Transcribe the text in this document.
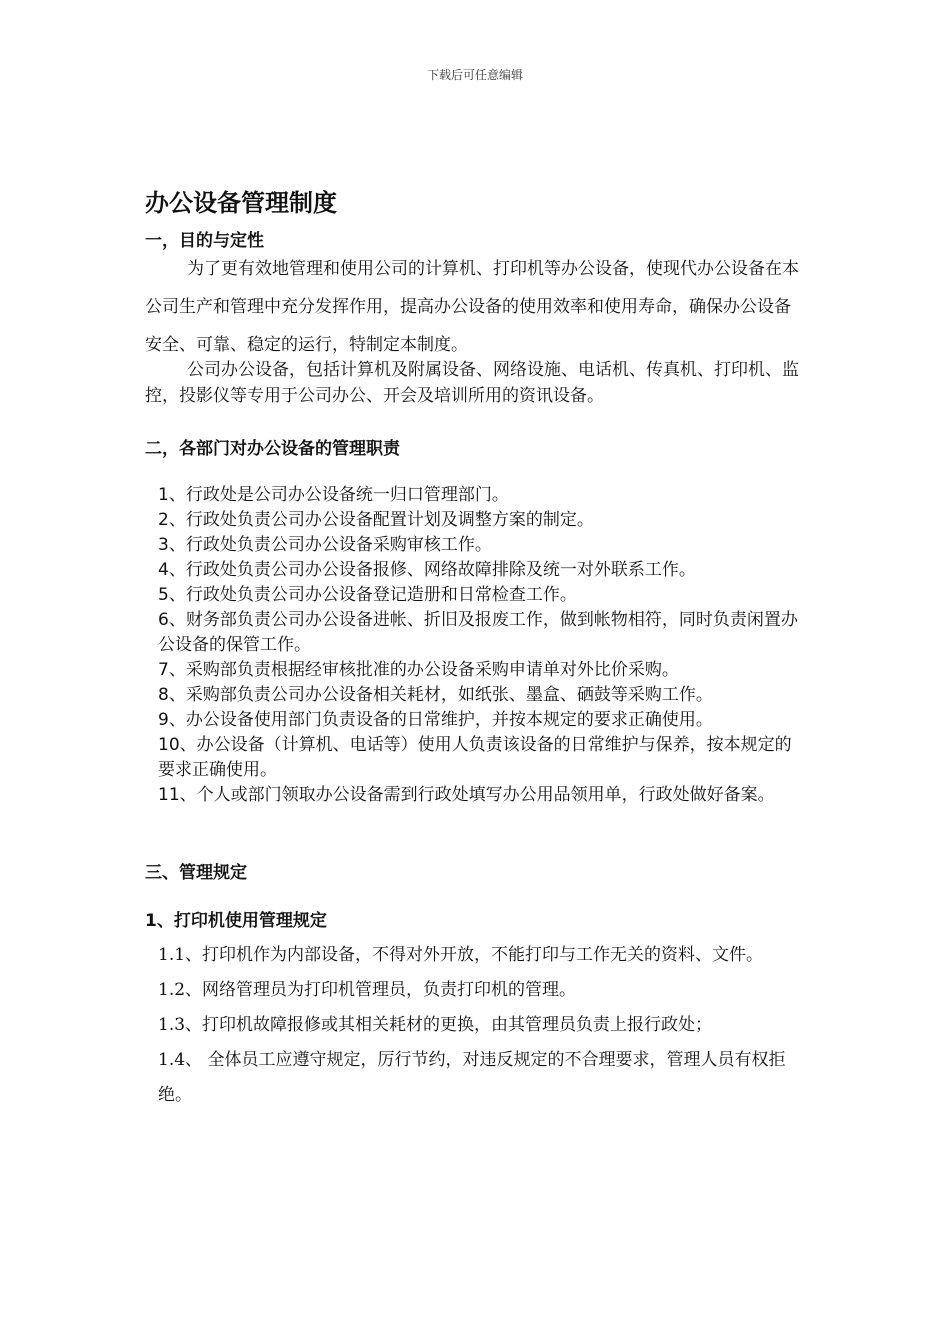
下载后可任意编辑
办公设备管理制度
一，目的与定性

为了更有效地管理和使用公司的计算机、打印机等办公设备，使现代办公设备在本公司生产和管理中充分发挥作用，提高办公设备的使用效率和使用寿命，确保办公设备安全、可靠、稳定的运行，特制定本制度。

公司办公设备，包括计算机及附属设备、网络设施、电话机、传真机、打印机、监控，投影仪等专用于公司办公、开会及培训所用的资讯设备。

二，各部门对办公设备的管理职责
1、行政处是公司办公设备统一归口管理部门。
2、行政处负责公司办公设备配置计划及调整方案的制定。
3、行政处负责公司办公设备采购审核工作。
4、行政处负责公司办公设备报修、网络故障排除及统一对外联系工作。
5、行政处负责公司办公设备登记造册和日常检查工作。
6、财务部负责公司办公设备进帐、折旧及报废工作，做到帐物相符，同时负责闲置办公设备的保管工作。
7、采购部负责根据经审核批准的办公设备采购申请单对外比价采购。
8、采购部负责公司办公设备相关耗材，如纸张、墨盒、硒鼓等采购工作。
9、办公设备使用部门负责设备的日常维护，并按本规定的要求正确使用。
10、办公设备（计算机、电话等）使用人负责该设备的日常维护与保养，按本规定的要求正确使用。
11、个人或部门领取办公设备需到行政处填写办公用品领用单，行政处做好备案。
三、管理规定
1、打印机使用管理规定
1.1、打印机作为内部设备，不得对外开放，不能打印与工作无关的资料、文件。
1.2、网络管理员为打印机管理员，负责打印机的管理。
1.3、打印机故障报修或其相关耗材的更换，由其管理员负责上报行政处；
1.4、 全体员工应遵守规定，厉行节约，对违反规定的不合理要求，管理人员有权拒绝。
